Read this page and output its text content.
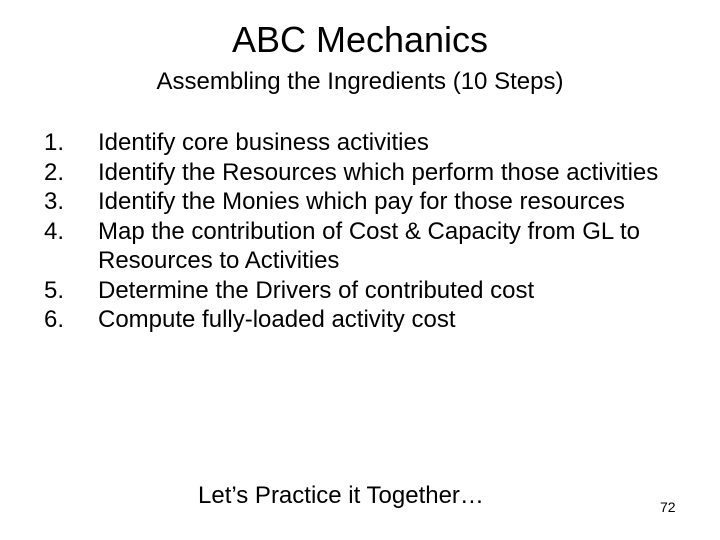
ABC Mechanics
Assembling the Ingredients (10 Steps)
1.	Identify core business activities
2.	Identify the Resources which perform those activities
3.	Identify the Monies which pay for those resources
4.	Map the contribution of Cost & Capacity from GL to Resources to Activities
5.	Determine the Drivers of contributed cost
6.	Compute fully-loaded activity cost

Let’s Practice it Together…	72
